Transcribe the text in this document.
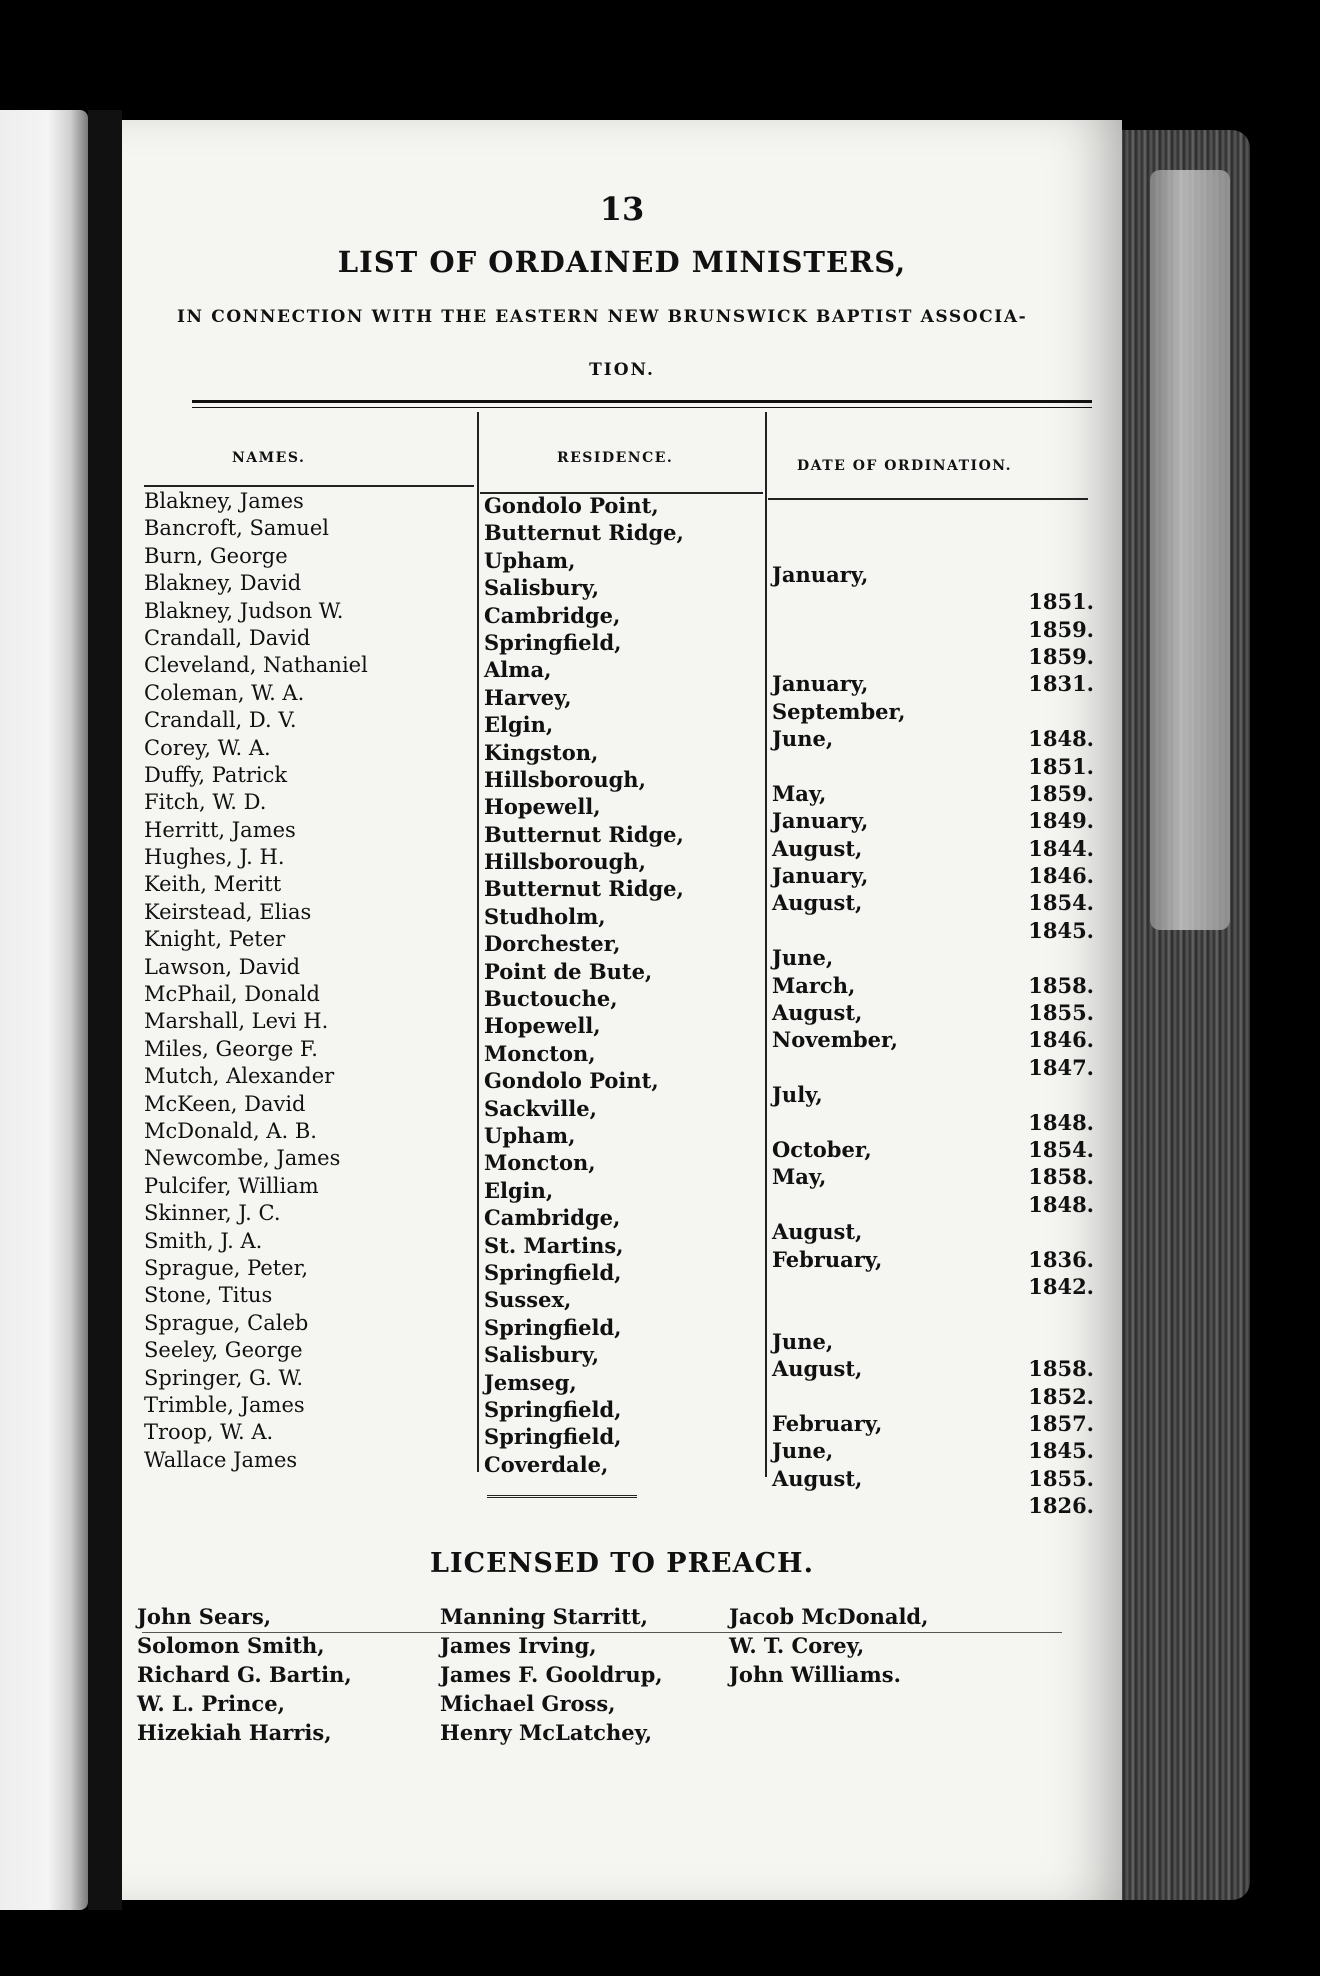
13
LIST OF ORDAINED MINISTERS,
IN CONNECTION WITH THE EASTERN NEW BRUNSWICK BAPTIST ASSOCIA-
TION.
NAMES.	RESIDENCE.	DATE OF ORDINATION.
Blakney, James
Bancroft, Samuel
Burn, George
Blakney, David
Blakney, Judson W.
Crandall, David
Cleveland, Nathaniel
Coleman, W. A.
Crandall, D. V.
Corey, W. A.
Duffy, Patrick
Fitch, W. D.
Herritt, James
Hughes, J. H.
Keith, Meritt
Keirstead, Elias
Knight, Peter
Lawson, David
McPhail, Donald
Marshall, Levi H.
Miles, George F.
Mutch, Alexander
McKeen, David
McDonald, A. B.
Newcombe, James
Pulcifer, William
Skinner, J. C.
Smith, J. A.
Sprague, Peter,
Stone, Titus
Sprague, Caleb
Seeley, George
Springer, G. W.
Trimble, James
Troop, W. A.
Wallace James
Gondolo Point,
Butternut Ridge,
Upham,
Salisbury,
Cambridge,
Springfield,
Alma,
Harvey,
Elgin,
Kingston,
Hillsborough,
Hopewell,
Butternut Ridge,
Hillsborough,
Butternut Ridge,
Studholm,
Dorchester,
Point de Bute,
Buctouche,
Hopewell,
Moncton,
Gondolo Point,
Sackville,
Upham,
Moncton,
Elgin,
Cambridge,
St. Martins,
Springfield,
Sussex,
Springfield,
Salisbury,
Jemseg,
Springfield,
Springfield,
Coverdale,
January,
January,
September,
June,
May,
January,
August,
January,
August,
June,
March,
August,
November,
July,
October,
May,
August,
February,
June,
August,
February,
June,
August,
1851.
1859.
1859.
1831.
1848.
1851.
1859.
1849.
1844.
1846.
1854.
1845.
1858.
1855.
1846.
1847.
1848.
1854.
1858.
1848.
1836.
1842.
1858.
1852.
1857.
1845.
1855.
1826.
LICENSED TO PREACH.
John Sears,
Solomon Smith,
Richard G. Bartin,
W. L. Prince,
Hizekiah Harris,
Manning Starritt,
James Irving,
James F. Gooldrup,
Michael Gross,
Henry McLatchey,
Jacob McDonald,
W. T. Corey,
John Williams.
